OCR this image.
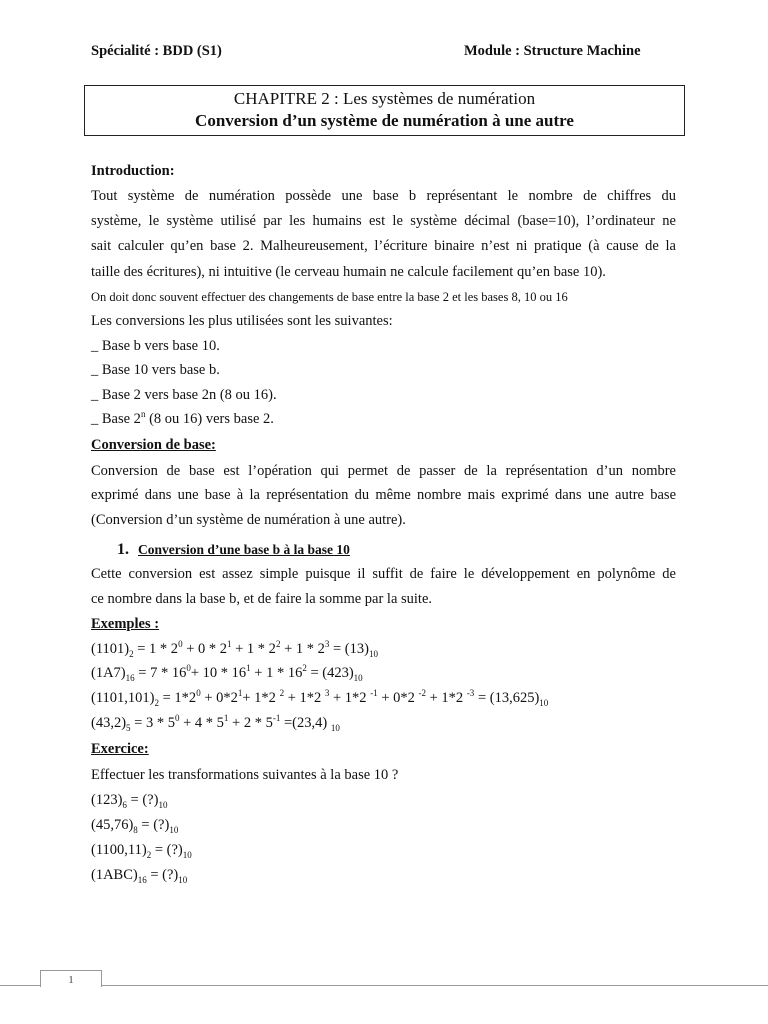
Spécialité : BDD (S1)	Module : Structure Machine
CHAPITRE 2 : Les systèmes de numération
Conversion d’un système de numération à une autre
Introduction:
Tout système de numération possède une base b représentant le nombre de chiffres du
système, le système utilisé par les humains est le système décimal (base=10), l’ordinateur ne
sait calculer qu’en base 2. Malheureusement, l’écriture binaire n’est ni pratique (à cause de la
taille des écritures), ni intuitive (le cerveau humain ne calcule facilement qu’en base 10).
On doit donc souvent effectuer des changements de base entre la base 2 et les bases 8, 10 ou 16
Les conversions les plus utilisées sont les suivantes:
_ Base b vers base 10.
_ Base 10 vers base b.
_ Base 2 vers base 2n (8 ou 16).
_ Base 2$^n$ (8 ou 16) vers base 2.
Conversion de base:
Conversion de base est l’opération qui permet de passer de la représentation d’un nombre
exprimé dans une base à la représentation du même nombre mais exprimé dans une autre base
(Conversion d’un système de numération à une autre).
1. Conversion d’une base b à la base 10
Cette conversion est assez simple puisque il suffit de faire le développement en polynôme de
ce nombre dans la base b, et de faire la somme par la suite.
Exemples :
$(1101)_2 = 1 * 2^0 + 0 * 2^1 + 1 * 2^2 + 1 * 2^3 = (13)_{10}$
$(1A7)_{16} = 7 * 16^0+ 10 * 16^1 + 1 * 16^2 = (423)_{10}$
$(1101,101)_2 = 1*2^0 + 0*2^1+ 1*2$ $^2$ + 1*2 $^3$ + 1*2 $^{-1}$ + 0*2 $^{-2}$ + 1*2 $^{-3} = (13,625)_{10}$
$(43,2)_5 = 3 * 5^0 + 4 * 5^1 + 2 * 5^{-1} =(23,4)$ $_{10}$
Exercice:
Effectuer les transformations suivantes à la base 10 ?
$(123)_6$ = $(?)_{10}$
$(45,76)_8$ = $(?)_{10}$
$(1100,11)_2$ = $(?)_{10}$
$(1ABC)_{16}$ = $(?)_{10}$
1
